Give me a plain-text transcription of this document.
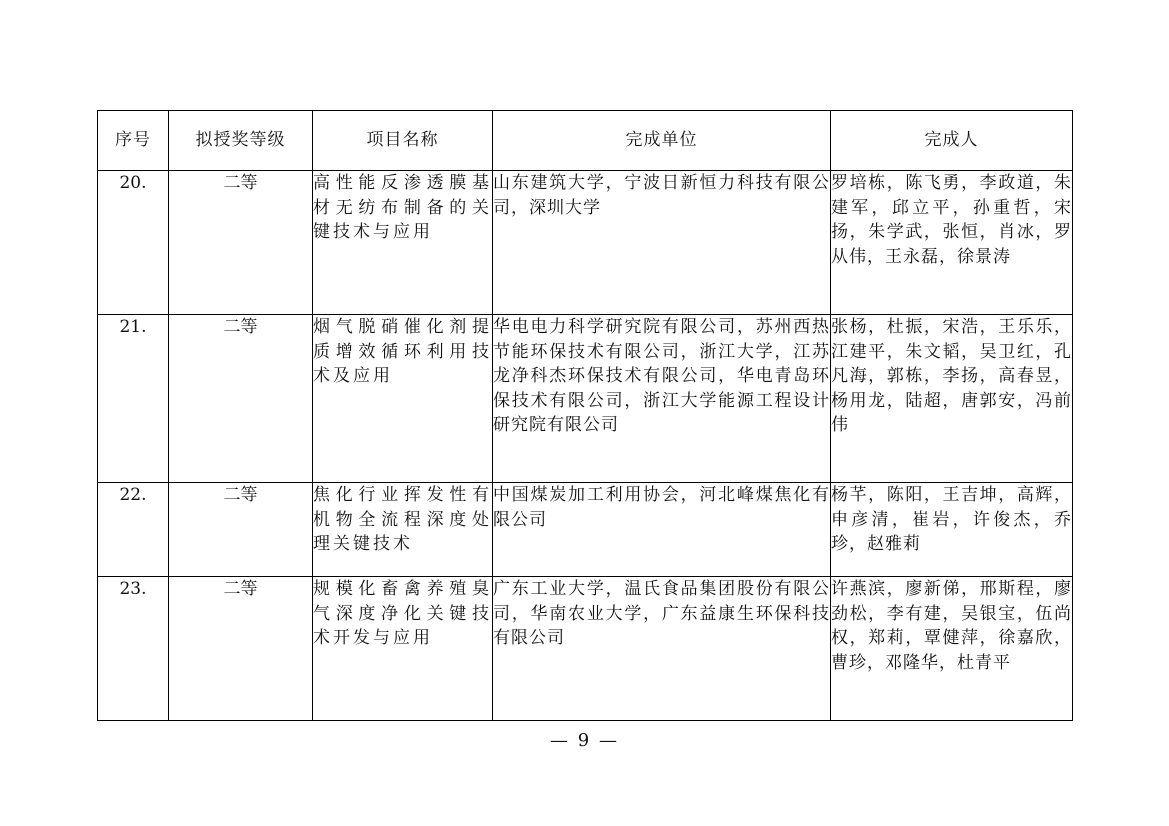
序号	拟授奖等级	项目名称	完成单位	完成人
20.	二等	高性能反渗透膜基材无纺布制备的关键技术与应用	山东建筑大学，宁波日新恒力科技有限公司，深圳大学	罗培栋，陈飞勇，李政道，朱建军，邱立平，孙重哲，宋扬，朱学武，张恒，肖冰，罗从伟，王永磊，徐景涛

21.	二等	烟气脱硝催化剂提质增效循环利用技术及应用	华电电力科学研究院有限公司，苏州西热节能环保技术有限公司，浙江大学，江苏龙净科杰环保技术有限公司，华电青岛环保技术有限公司，浙江大学能源工程设计研究院有限公司	张杨，杜振，宋浩，王乐乐，江建平，朱文韬，吴卫红，孔凡海，郭栋，李扬，高春昱，杨用龙，陆超，唐郭安，冯前伟

22.	二等	焦化行业挥发性有机物全流程深度处理关键技术	中国煤炭加工利用协会，河北峰煤焦化有限公司	杨芊，陈阳，王吉坤，高辉，申彦清，崔岩，许俊杰，乔珍，赵雅莉

23.	二等	规模化畜禽养殖臭气深度净化关键技术开发与应用	广东工业大学，温氏食品集团股份有限公司，华南农业大学，广东益康生环保科技有限公司	许燕滨，廖新俤，邢斯程，廖劲松，李有建，吴银宝，伍尚权，郑莉，覃健萍，徐嘉欣，曹珍，邓隆华，杜青平
— 9 —
